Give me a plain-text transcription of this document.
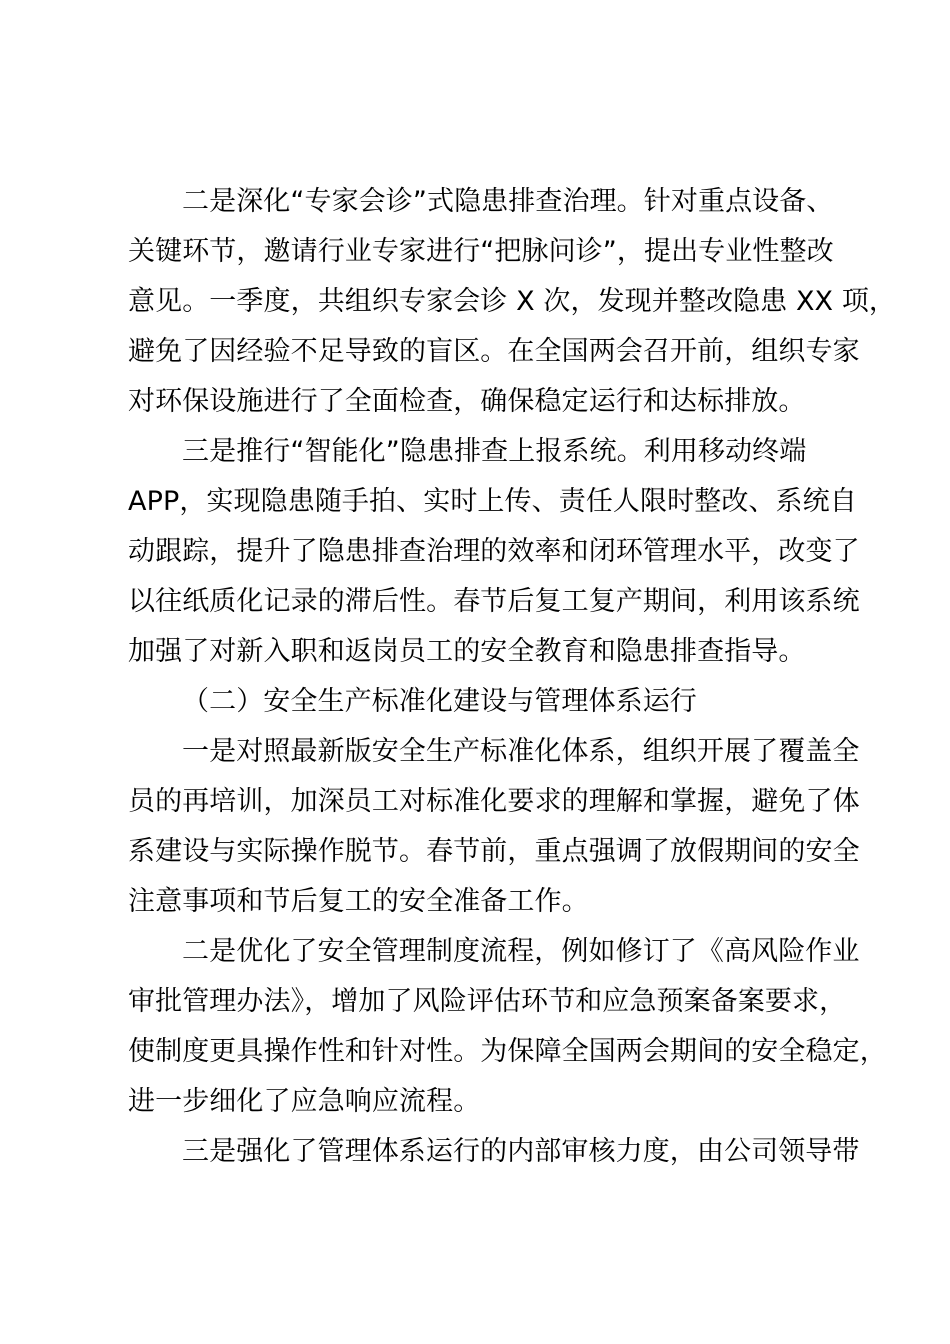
二是深化“专家会诊”式隐患排查治理。针对重点设备、
关键环节，邀请行业专家进行“把脉问诊”，提出专业性整改
意见。一季度，共组织专家会诊 X 次，发现并整改隐患 XX 项，
避免了因经验不足导致的盲区。在全国两会召开前，组织专家
对环保设施进行了全面检查，确保稳定运行和达标排放。
三是推行“智能化”隐患排查上报系统。利用移动终端
APP，实现隐患随手拍、实时上传、责任人限时整改、系统自
动跟踪，提升了隐患排查治理的效率和闭环管理水平，改变了
以往纸质化记录的滞后性。春节后复工复产期间，利用该系统
加强了对新入职和返岗员工的安全教育和隐患排查指导。
（二）安全生产标准化建设与管理体系运行
一是对照最新版安全生产标准化体系，组织开展了覆盖全
员的再培训，加深员工对标准化要求的理解和掌握，避免了体
系建设与实际操作脱节。春节前，重点强调了放假期间的安全
注意事项和节后复工的安全准备工作。
二是优化了安全管理制度流程，例如修订了《高风险作业
审批管理办法》，增加了风险评估环节和应急预案备案要求，
使制度更具操作性和针对性。为保障全国两会期间的安全稳定，
进一步细化了应急响应流程。
三是强化了管理体系运行的内部审核力度，由公司领导带
